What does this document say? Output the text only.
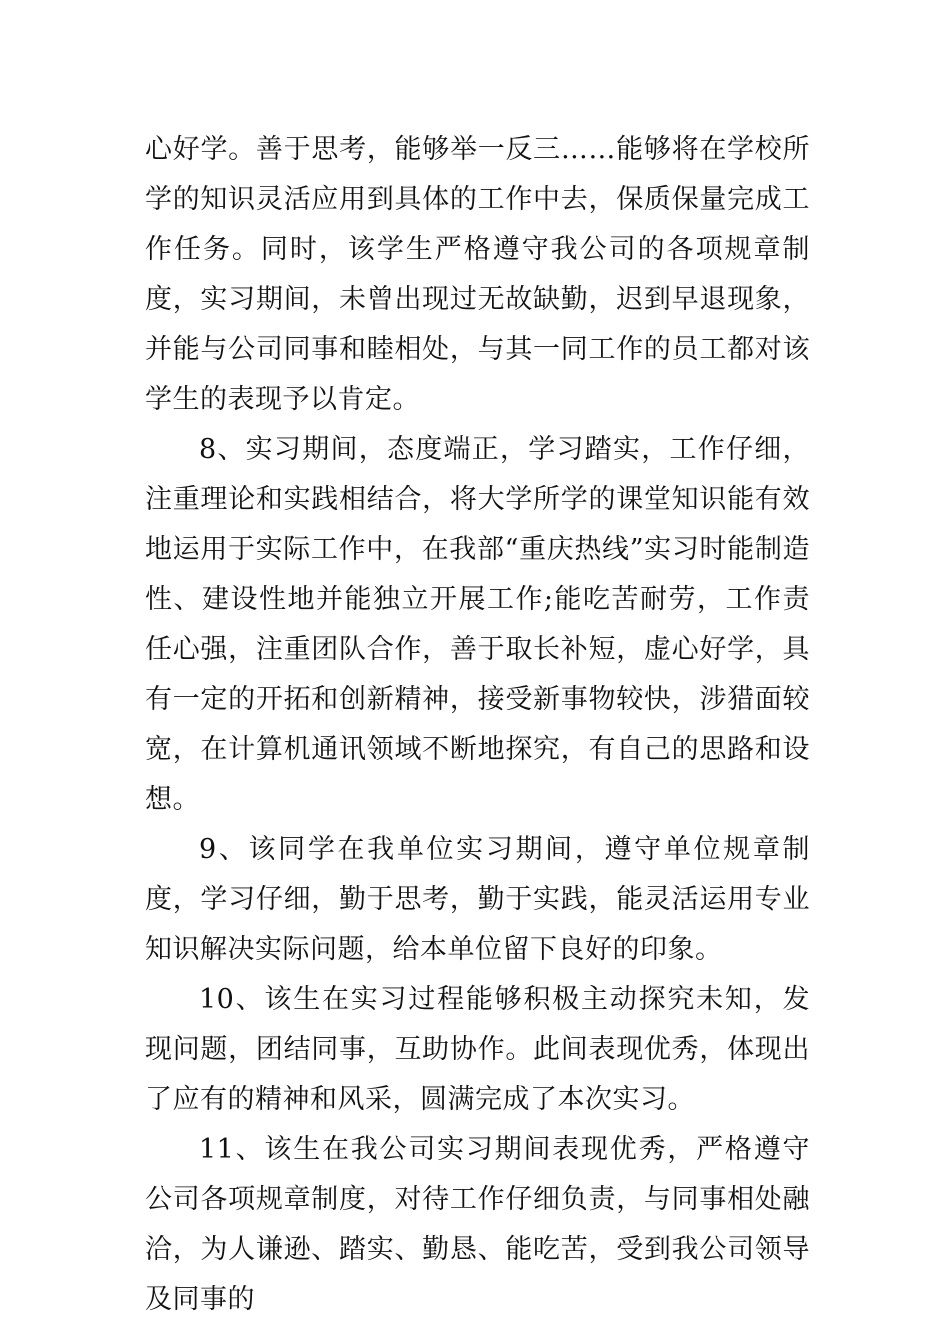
心好学。善于思考，能够举一反三……能够将在学校所学的知识灵活应用到具体的工作中去，保质保量完成工作任务。同时，该学生严格遵守我公司的各项规章制度，实习期间，未曾出现过无故缺勤，迟到早退现象，并能与公司同事和睦相处，与其一同工作的员工都对该学生的表现予以肯定。

8、实习期间，态度端正，学习踏实，工作仔细，注重理论和实践相结合，将大学所学的课堂知识能有效地运用于实际工作中，在我部“重庆热线”实习时能制造性、建设性地并能独立开展工作;能吃苦耐劳，工作责任心强，注重团队合作，善于取长补短，虚心好学，具有一定的开拓和创新精神，接受新事物较快，涉猎面较宽，在计算机通讯领域不断地探究，有自己的思路和设想。

9、该同学在我单位实习期间，遵守单位规章制度，学习仔细，勤于思考，勤于实践，能灵活运用专业知识解决实际问题，给本单位留下良好的印象。

10、该生在实习过程能够积极主动探究未知，发现问题，团结同事，互助协作。此间表现优秀，体现出了应有的精神和风采，圆满完成了本次实习。

11、该生在我公司实习期间表现优秀，严格遵守公司各项规章制度，对待工作仔细负责，与同事相处融洽，为人谦逊、踏实、勤恳、能吃苦，受到我公司领导及同事的
